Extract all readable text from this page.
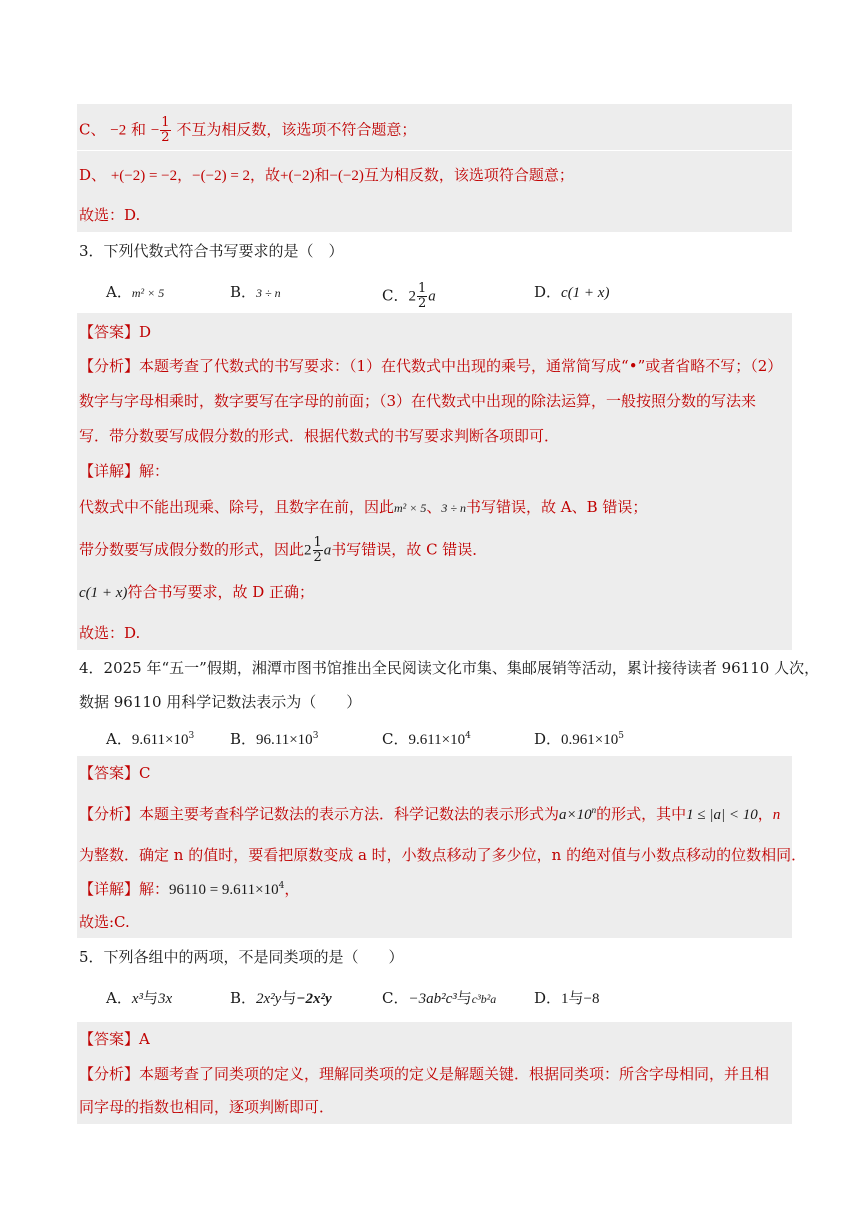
C、 −2 和 − $\frac{1}{2}$ 不互为相反数，该选项不符合题意；
D、 +(−2) = −2，−(−2) = 2，故+(−2)和−(−2)互为相反数，该选项符合题意；
故选：D.
3．下列代数式符合书写要求的是（　）
A．m² × 5	B．3 ÷ n	C．$2 \frac{1}{2}$ a	D．c(1 + x)
【答案】D
【分析】本题考查了代数式的书写要求：（1）在代数式中出现的乘号，通常简写成“•”或者省略不写；（2）
数字与字母相乘时，数字要写在字母的前面；（3）在代数式中出现的除法运算，一般按照分数的写法来
写．带分数要写成假分数的形式．根据代数式的书写要求判断各项即可．
【详解】解：
代数式中不能出现乘、除号，且数字在前，因此m² × 5、3 ÷ n书写错误，故 A、B 错误；
带分数要写成假分数的形式，因此$2 \frac{1}{2}$ a书写错误，故 C 错误．
c(1 + x)符合书写要求，故 D 正确；
故选：D.
4．2025 年“五一”假期，湘潭市图书馆推出全民阅读文化市集、集邮展销等活动，累计接待读者 96110 人次，
数据 96110 用科学记数法表示为（　　）
A．$9.611\times 10^3$ B．$96.11\times 10^3$	C．$9.611\times 10^4$	D．$0.961\times 10^5$
【答案】C
【分析】本题主要考查科学记数法的表示方法．科学记数法的表示形式为$a\times 10^n$的形式，其中1 ≤ |a| < 10，n
为整数．确定 n 的值时，要看把原数变成 a 时，小数点移动了多少位，n 的绝对值与小数点移动的位数相同．
【详解】解：$96110 = 9.611\times 10^4$，
故选:C.
5．下列各组中的两项，不是同类项的是（　　）
A．x³与3x	B．2x²y与−2x²y	C．−3ab²c³与c³b²a	D．1与−8
【答案】A
【分析】本题考查了同类项的定义，理解同类项的定义是解题关键．根据同类项：所含字母相同，并且相
同字母的指数也相同，逐项判断即可．
